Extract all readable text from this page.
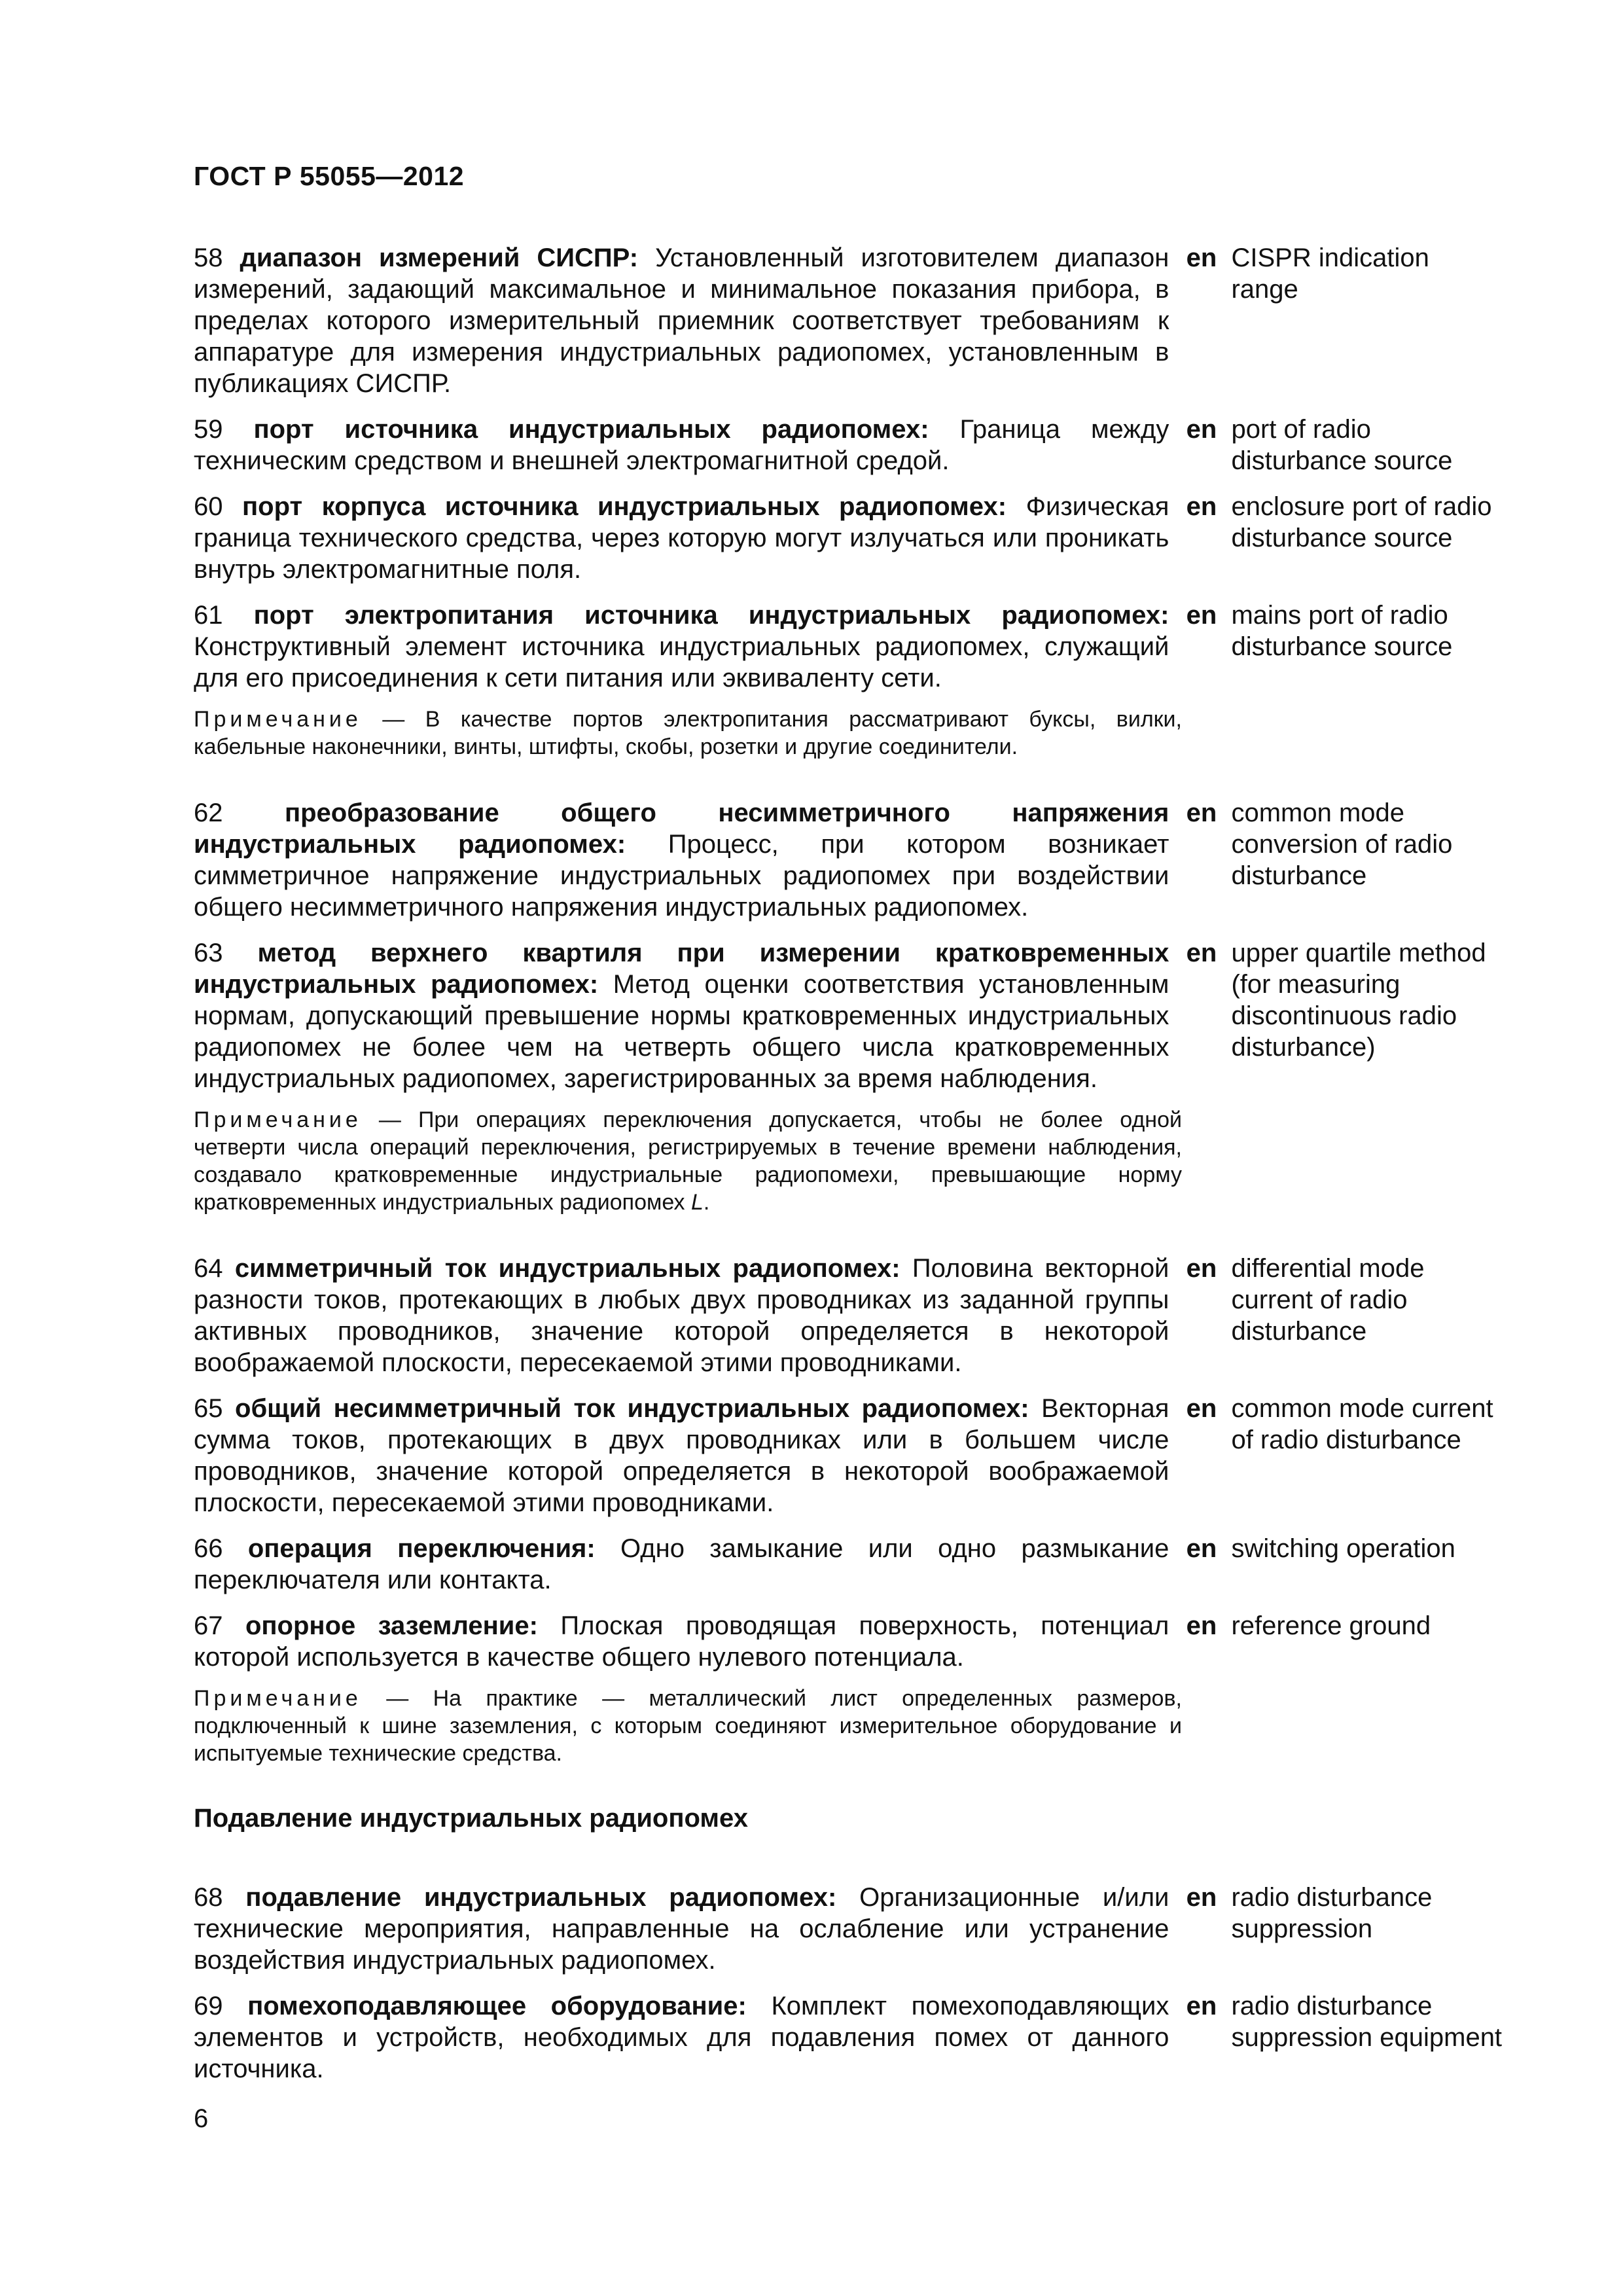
ГОСТ Р 55055—2012
58 диапазон измерений СИСПР: Установленный изготовителем диапазон измерений, задающий максимальное и минимальное показания прибора, в пределах которого измерительный приемник соответствует требованиям к аппаратуре для измерения индустриальных радиопомех, установленным в публикациях СИСПР.
en CISPR indication range
59 порт источника индустриальных радиопомех: Граница между техническим средством и внешней электромагнитной средой.
en port of radio disturbance source
60 порт корпуса источника индустриальных радиопомех: Физическая граница технического средства, через которую могут излучаться или проникать внутрь электромагнитные поля.
en enclosure port of radio disturbance source
61 порт электропитания источника индустриальных радиопомех: Конструктивный элемент источника индустриальных радиопомех, служащий для его присоединения к сети питания или эквиваленту сети.
en mains port of radio disturbance source
Примечание — В качестве портов электропитания рассматривают буксы, вилки, кабельные наконечники, винты, штифты, скобы, розетки и другие соединители.
62 преобразование общего несимметричного напряжения индустриальных радиопомех: Процесс, при котором возникает симметричное напряжение индустриальных радиопомех при воздействии общего несимметричного напряжения индустриальных радиопомех.
en common mode conversion of radio disturbance
63 метод верхнего квартиля при измерении кратковременных индустриальных радиопомех: Метод оценки соответствия установленным нормам, допускающий превышение нормы кратковременных индустриальных радиопомех не более чем на четверть общего числа кратковременных индустриальных радиопомех, зарегистрированных за время наблюдения.
en upper quartile method (for measuring discontinuous radio disturbance)
Примечание — При операциях переключения допускается, чтобы не более одной четверти числа операций переключения, регистрируемых в течение времени наблюдения, создавало кратковременные индустриальные радиопомехи, превышающие норму кратковременных индустриальных радиопомех L.
64 симметричный ток индустриальных радиопомех: Половина векторной разности токов, протекающих в любых двух проводниках из заданной группы активных проводников, значение которой определяется в некоторой воображаемой плоскости, пересекаемой этими проводниками.
en differential mode current of radio disturbance
65 общий несимметричный ток индустриальных радиопомех: Векторная сумма токов, протекающих в двух проводниках или в большем числе проводников, значение которой определяется в некоторой воображаемой плоскости, пересекаемой этими проводниками.
en common mode current of radio disturbance
66 операция переключения: Одно замыкание или одно размыкание переключателя или контакта.
en switching operation
67 опорное заземление: Плоская проводящая поверхность, потенциал которой используется в качестве общего нулевого потенциала.
en reference ground
Примечание — На практике — металлический лист определенных размеров, подключенный к шине заземления, с которым соединяют измерительное оборудование и испытуемые технические средства.
Подавление индустриальных радиопомех
68 подавление индустриальных радиопомех: Организационные и/или технические мероприятия, направленные на ослабление или устранение воздействия индустриальных радиопомех.
en radio disturbance suppression
69 помехоподавляющее оборудование: Комплект помехоподавляющих элементов и устройств, необходимых для подавления помех от данного источника.
en radio disturbance suppression equipment
6
